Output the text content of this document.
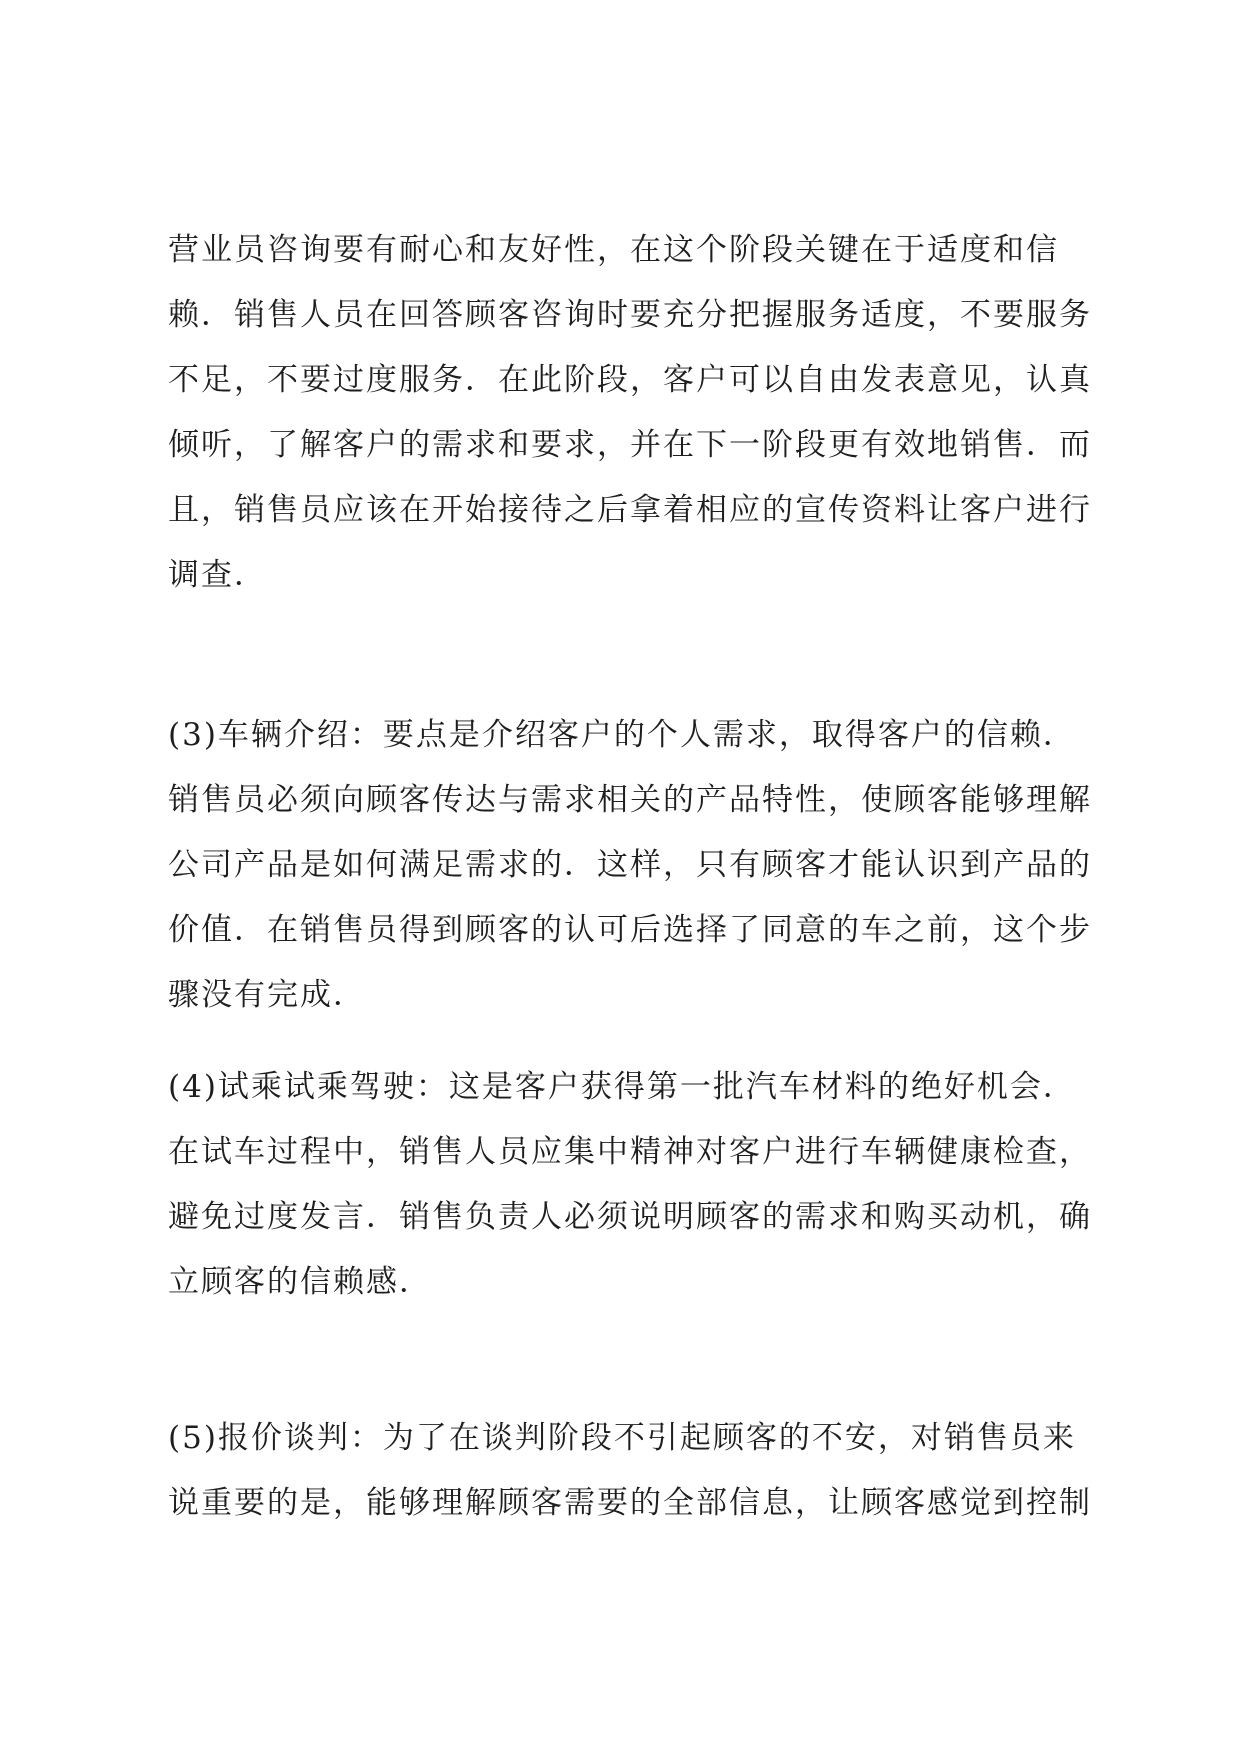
营业员咨询要有耐心和友好性，在这个阶段关键在于适度和信
赖．销售人员在回答顾客咨询时要充分把握服务适度，不要服务
不足，不要过度服务．在此阶段，客户可以自由发表意见，认真
倾听，了解客户的需求和要求，并在下一阶段更有效地销售．而
且，销售员应该在开始接待之后拿着相应的宣传资料让客户进行
调查．
(3)车辆介绍：要点是介绍客户的个人需求，取得客户的信赖．
销售员必须向顾客传达与需求相关的产品特性，使顾客能够理解
公司产品是如何满足需求的．这样，只有顾客才能认识到产品的
价值．在销售员得到顾客的认可后选择了同意的车之前，这个步
骤没有完成．
(4)试乘试乘驾驶：这是客户获得第一批汽车材料的绝好机会．
在试车过程中，销售人员应集中精神对客户进行车辆健康检查，
避免过度发言．销售负责人必须说明顾客的需求和购买动机，确
立顾客的信赖感．
(5)报价谈判：为了在谈判阶段不引起顾客的不安，对销售员来
说重要的是，能够理解顾客需要的全部信息，让顾客感觉到控制
